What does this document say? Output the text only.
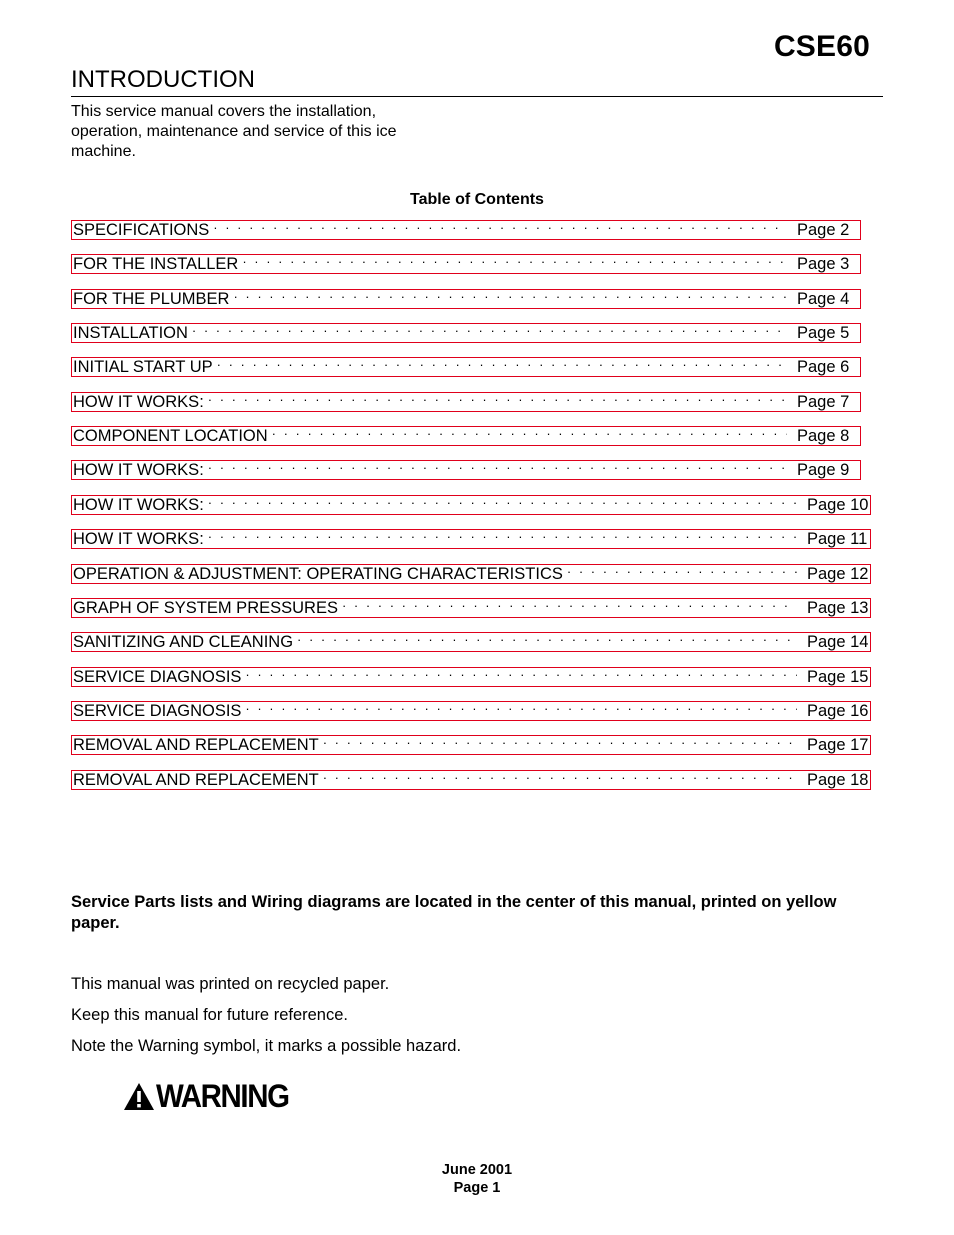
CSE60
INTRODUCTION
This service manual covers the installation,
operation, maintenance and service of this ice
machine.
Table of Contents
SPECIFICATIONS · · ·	Page 2
FOR THE INSTALLER · · ·	Page 3
FOR THE PLUMBER · · ·	Page 4
INSTALLATION · · ·	Page 5
INITIAL START UP · · ·	Page 6
HOW IT WORKS: · · ·	Page 7
COMPONENT LOCATION · · ·	Page 8
HOW IT WORKS: · · ·	Page 9
HOW IT WORKS: · · ·	Page 10
HOW IT WORKS: · · ·	Page 11
OPERATION & ADJUSTMENT: OPERATING CHARACTERISTICS · · ·	Page 12
GRAPH OF SYSTEM PRESSURES · · ·	Page 13
SANITIZING AND CLEANING · · ·	Page 14
SERVICE DIAGNOSIS · · ·	Page 15
SERVICE DIAGNOSIS · · ·	Page 16
REMOVAL AND REPLACEMENT · · ·	Page 17
REMOVAL AND REPLACEMENT · · ·	Page 18
Service Parts lists and Wiring diagrams are located in the center of this manual, printed on yellow paper.
This manual was printed on recycled paper.
Keep this manual for future reference.
Note the Warning symbol, it marks a possible hazard.
WARNING
June 2001
Page 1
